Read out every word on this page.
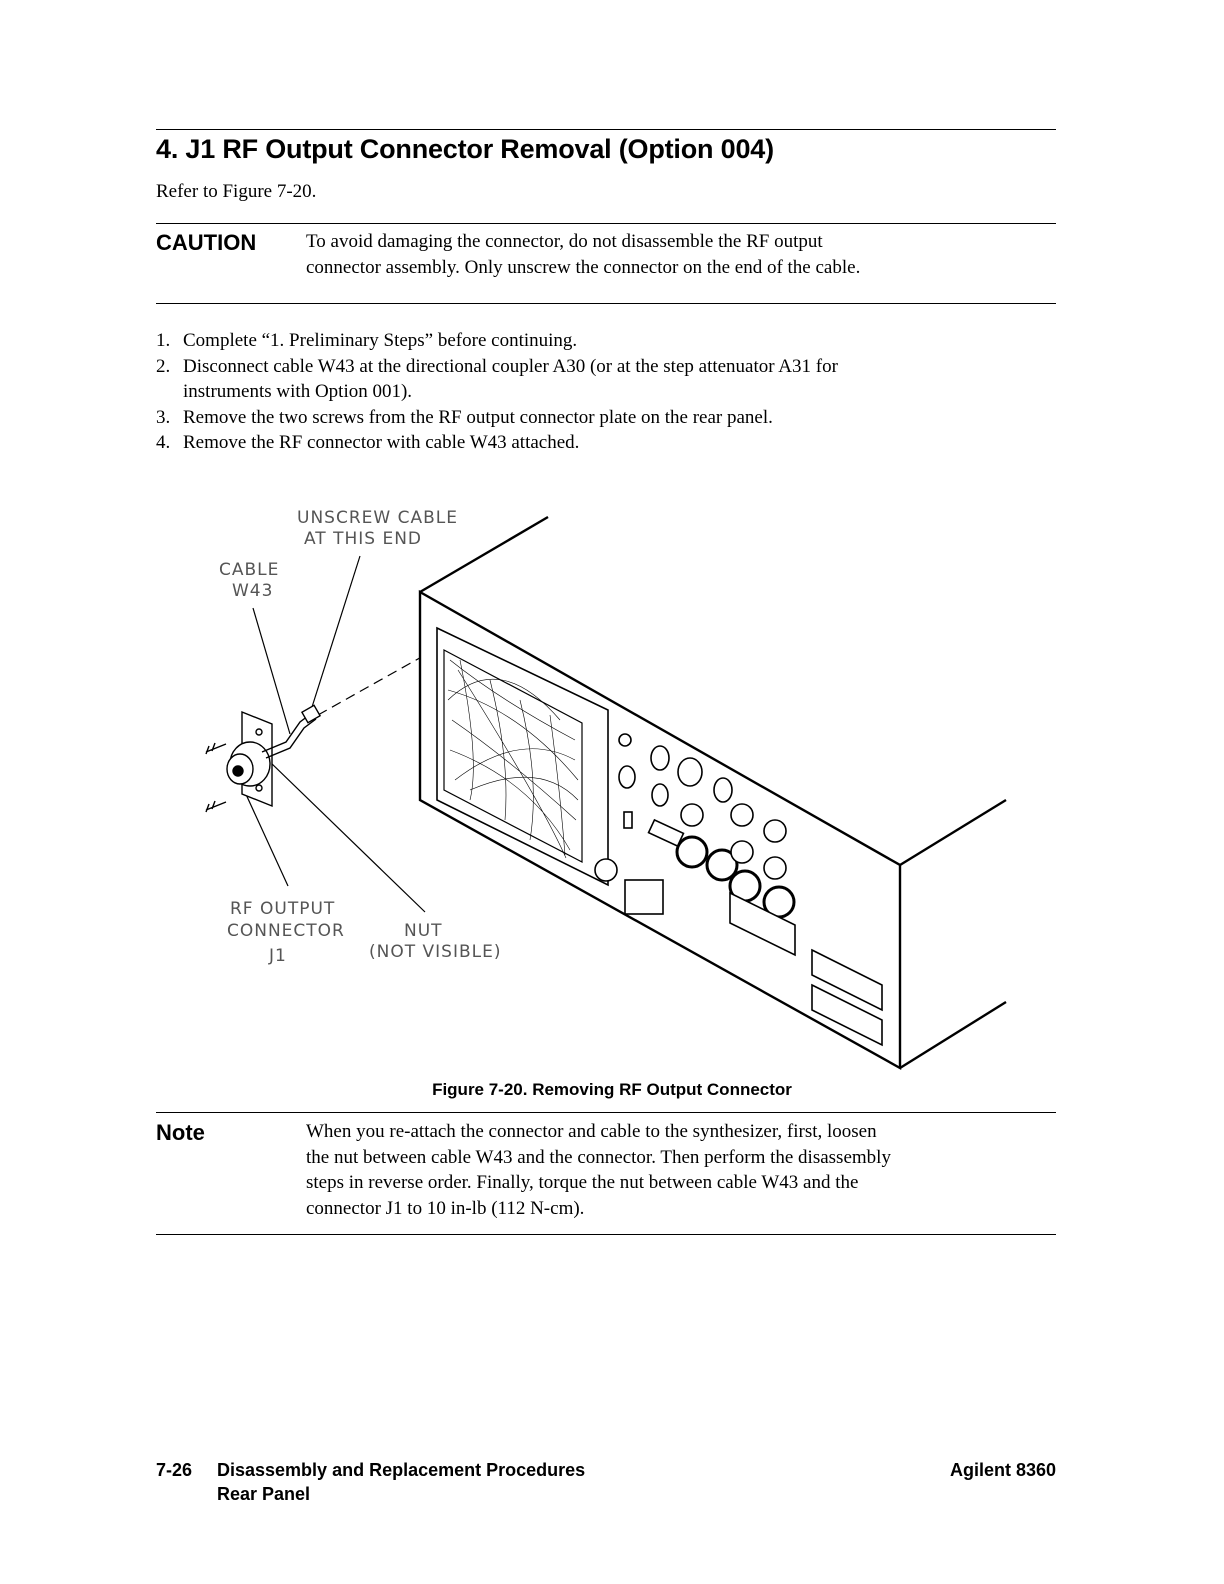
4. J1 RF Output Connector Removal (Option 004)
Refer to Figure 7-20.
CAUTION	To avoid damaging the connector, do not disassemble the RF output
connector assembly. Only unscrew the connector on the end of the cable.
1. Complete “1. Preliminary Steps” before continuing.
2. Disconnect cable W43 at the directional coupler A30 (or at the step attenuator A31 for
instruments with Option 001).
3. Remove the two screws from the RF output connector plate on the rear panel.
4. Remove the RF connector with cable W43 attached.
UNSCREW CABLE
AT THIS END
CABLE
W43
RF OUTPUT
CONNECTOR
J1
NUT
(NOT VISIBLE)
Figure 7-20. Removing RF Output Connector
Note	When you re-attach the connector and cable to the synthesizer, first, loosen
the nut between cable W43 and the connector. Then perform the disassembly
steps in reverse order. Finally, torque the nut between cable W43 and the
connector J1 to 10 in-lb (112 N-cm).
7-26 Disassembly and Replacement Procedures
Rear Panel
Agilent 8360
